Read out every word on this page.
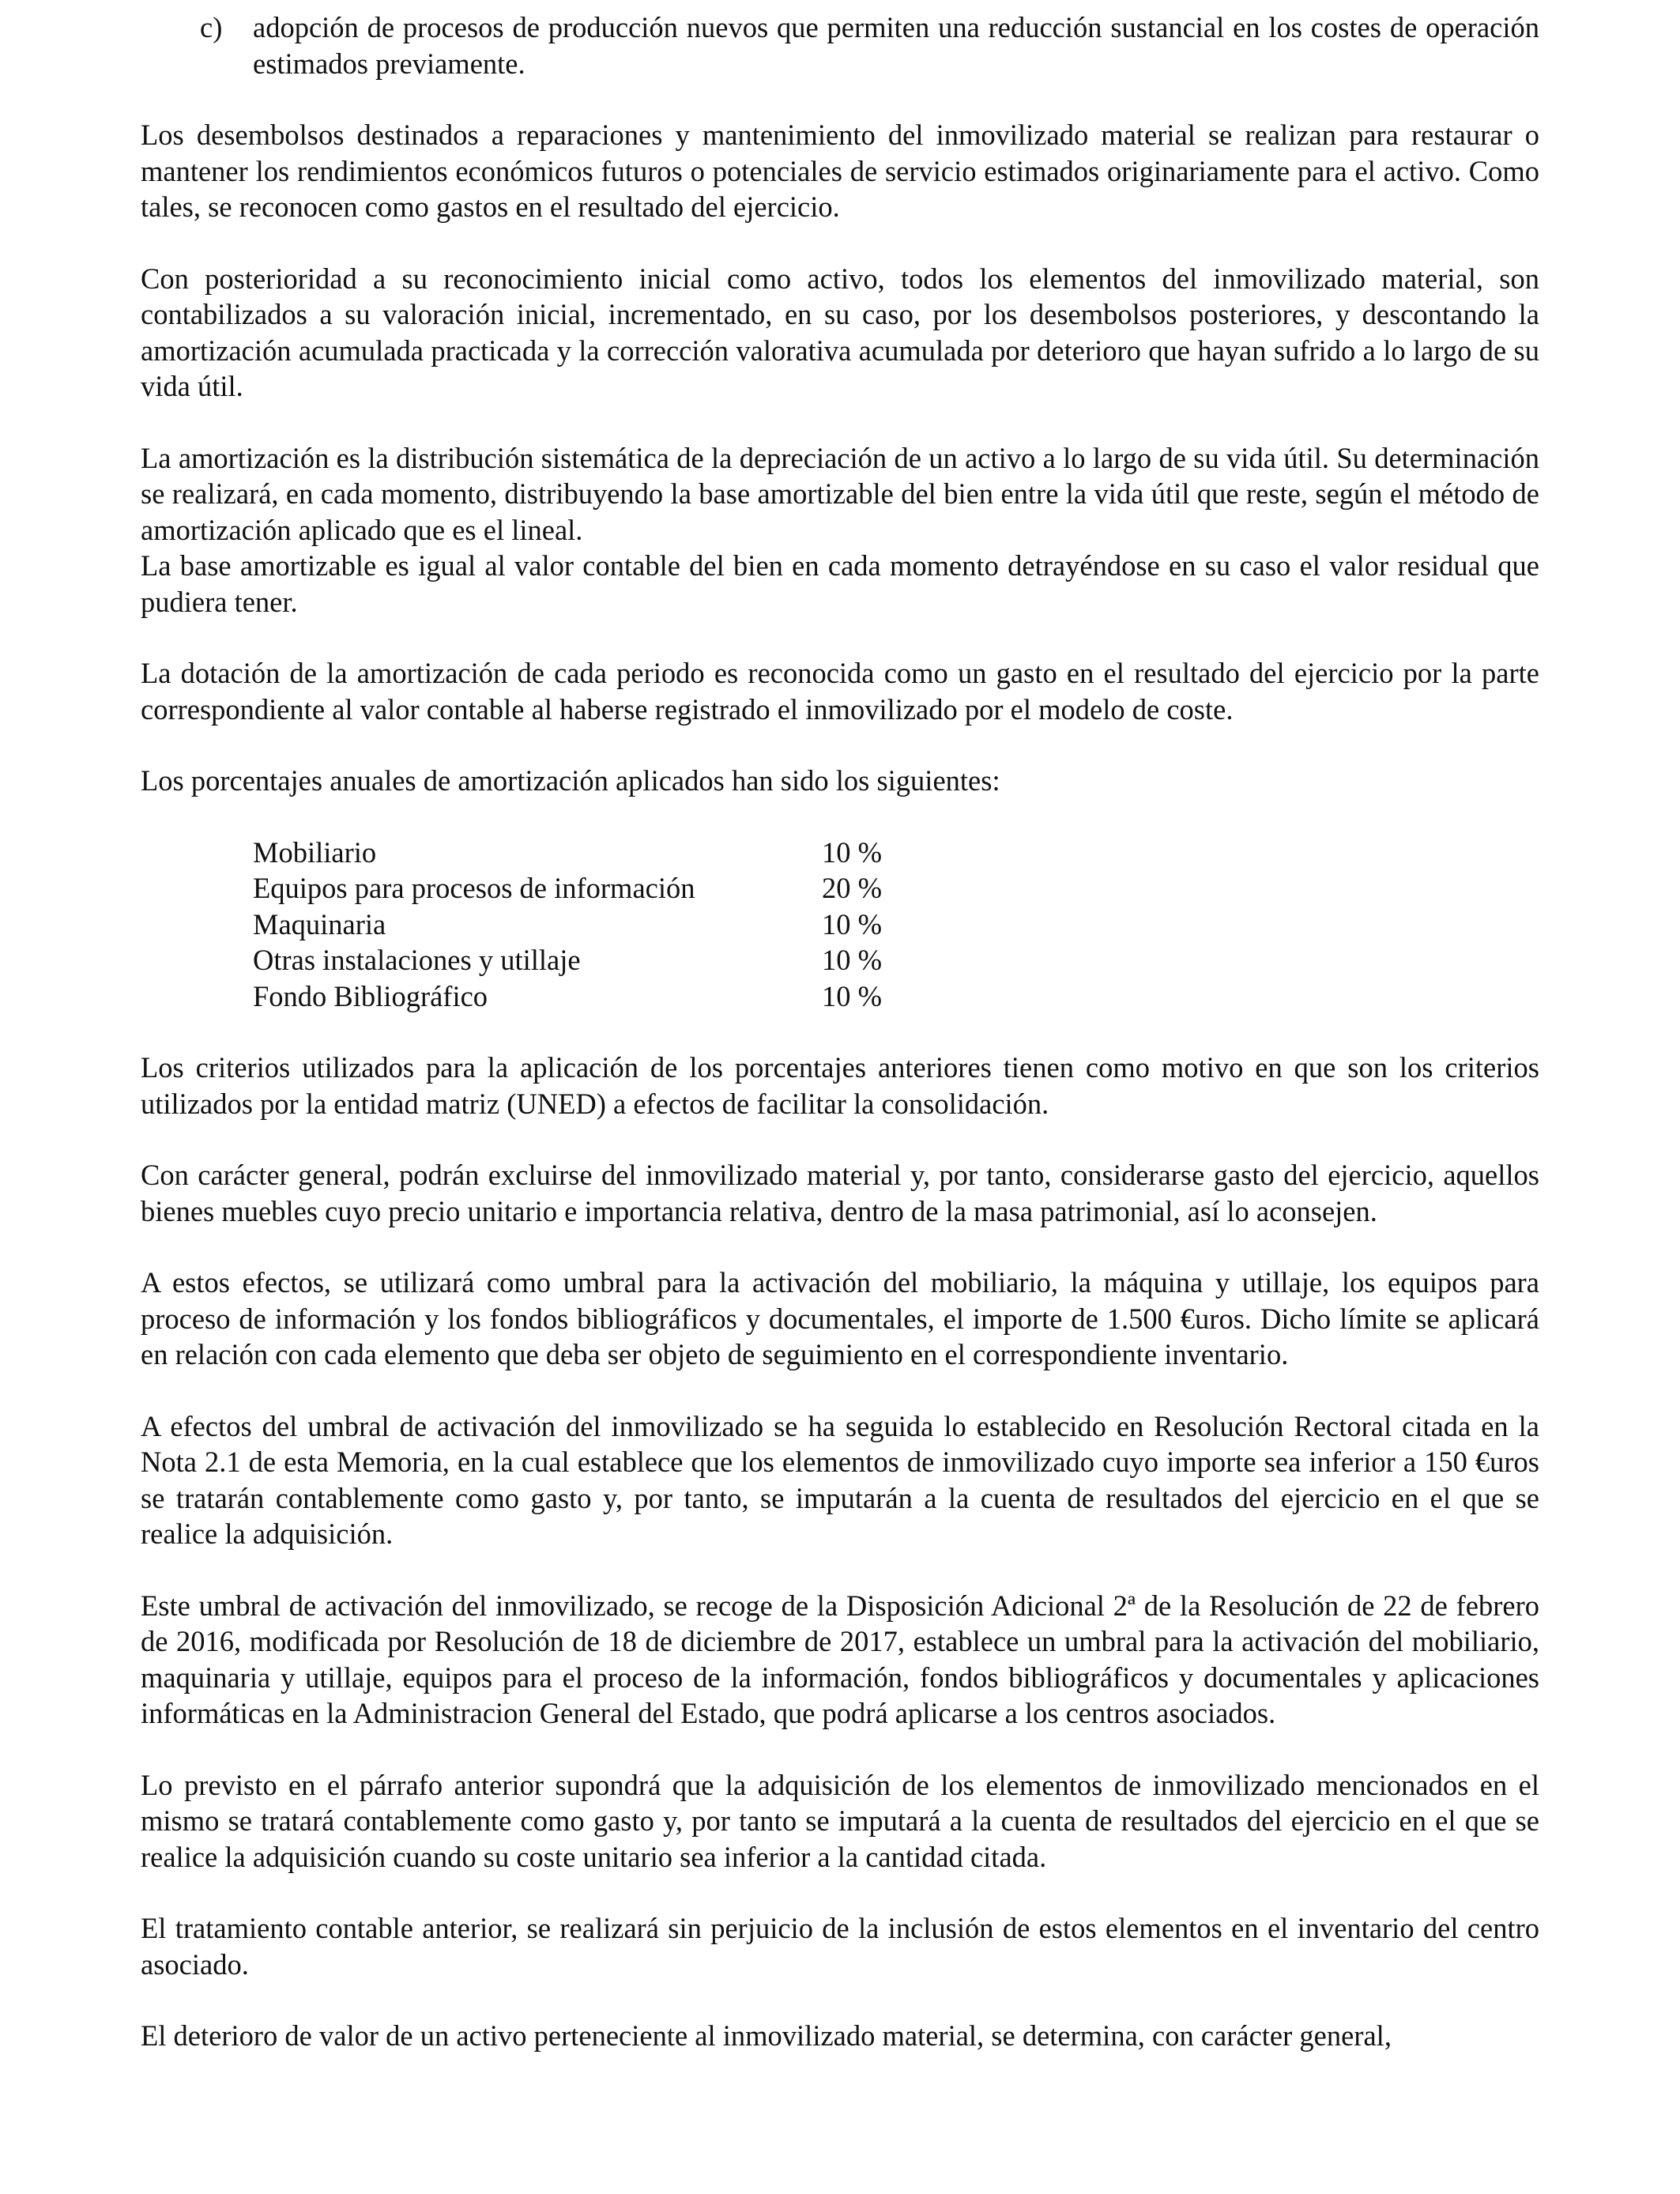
c) adopción de procesos de producción nuevos que permiten una reducción sustancial en los costes de operación estimados previamente.

Los desembolsos destinados a reparaciones y mantenimiento del inmovilizado material se realizan para restaurar o mantener los rendimientos económicos futuros o potenciales de servicio estimados originariamente para el activo. Como tales, se reconocen como gastos en el resultado del ejercicio.

Con posterioridad a su reconocimiento inicial como activo, todos los elementos del inmovilizado material, son contabilizados a su valoración inicial, incrementado, en su caso, por los desembolsos posteriores, y descontando la amortización acumulada practicada y la corrección valorativa acumulada por deterioro que hayan sufrido a lo largo de su vida útil.

La amortización es la distribución sistemática de la depreciación de un activo a lo largo de su vida útil. Su determinación se realizará, en cada momento, distribuyendo la base amortizable del bien entre la vida útil que reste, según el método de amortización aplicado que es el lineal.

La base amortizable es igual al valor contable del bien en cada momento detrayéndose en su caso el valor residual que pudiera tener.

La dotación de la amortización de cada periodo es reconocida como un gasto en el resultado del ejercicio por la parte correspondiente al valor contable al haberse registrado el inmovilizado por el modelo de coste.

Los porcentajes anuales de amortización aplicados han sido los siguientes:

Mobiliario	10 %
Equipos para procesos de información	20 %
Maquinaria	10 %
Otras instalaciones y utillaje	10 %
Fondo Bibliográfico	10 %

Los criterios utilizados para la aplicación de los porcentajes anteriores tienen como motivo en que son los criterios utilizados por la entidad matriz (UNED) a efectos de facilitar la consolidación.

Con carácter general, podrán excluirse del inmovilizado material y, por tanto, considerarse gasto del ejercicio, aquellos bienes muebles cuyo precio unitario e importancia relativa, dentro de la masa patrimonial, así lo aconsejen.

A estos efectos, se utilizará como umbral para la activación del mobiliario, la máquina y utillaje, los equipos para proceso de información y los fondos bibliográficos y documentales, el importe de 1.500 €uros. Dicho límite se aplicará en relación con cada elemento que deba ser objeto de seguimiento en el correspondiente inventario.

A efectos del umbral de activación del inmovilizado se ha seguida lo establecido en Resolución Rectoral citada en la Nota 2.1 de esta Memoria, en la cual establece que los elementos de inmovilizado cuyo importe sea inferior a 150 €uros se tratarán contablemente como gasto y, por tanto, se imputarán a la cuenta de resultados del ejercicio en el que se realice la adquisición.

Este umbral de activación del inmovilizado, se recoge de la Disposición Adicional 2ª de la Resolución de 22 de febrero de 2016, modificada por Resolución de 18 de diciembre de 2017, establece un umbral para la activación del mobiliario, maquinaria y utillaje, equipos para el proceso de la información, fondos bibliográficos y documentales y aplicaciones informáticas en la Administracion General del Estado, que podrá aplicarse a los centros asociados.

Lo previsto en el párrafo anterior supondrá que la adquisición de los elementos de inmovilizado mencionados en el mismo se tratará contablemente como gasto y, por tanto se imputará a la cuenta de resultados del ejercicio en el que se realice la adquisición cuando su coste unitario sea inferior a la cantidad citada.

El tratamiento contable anterior, se realizará sin perjuicio de la inclusión de estos elementos en el inventario del centro asociado.

El deterioro de valor de un activo perteneciente al inmovilizado material, se determina, con carácter general,
